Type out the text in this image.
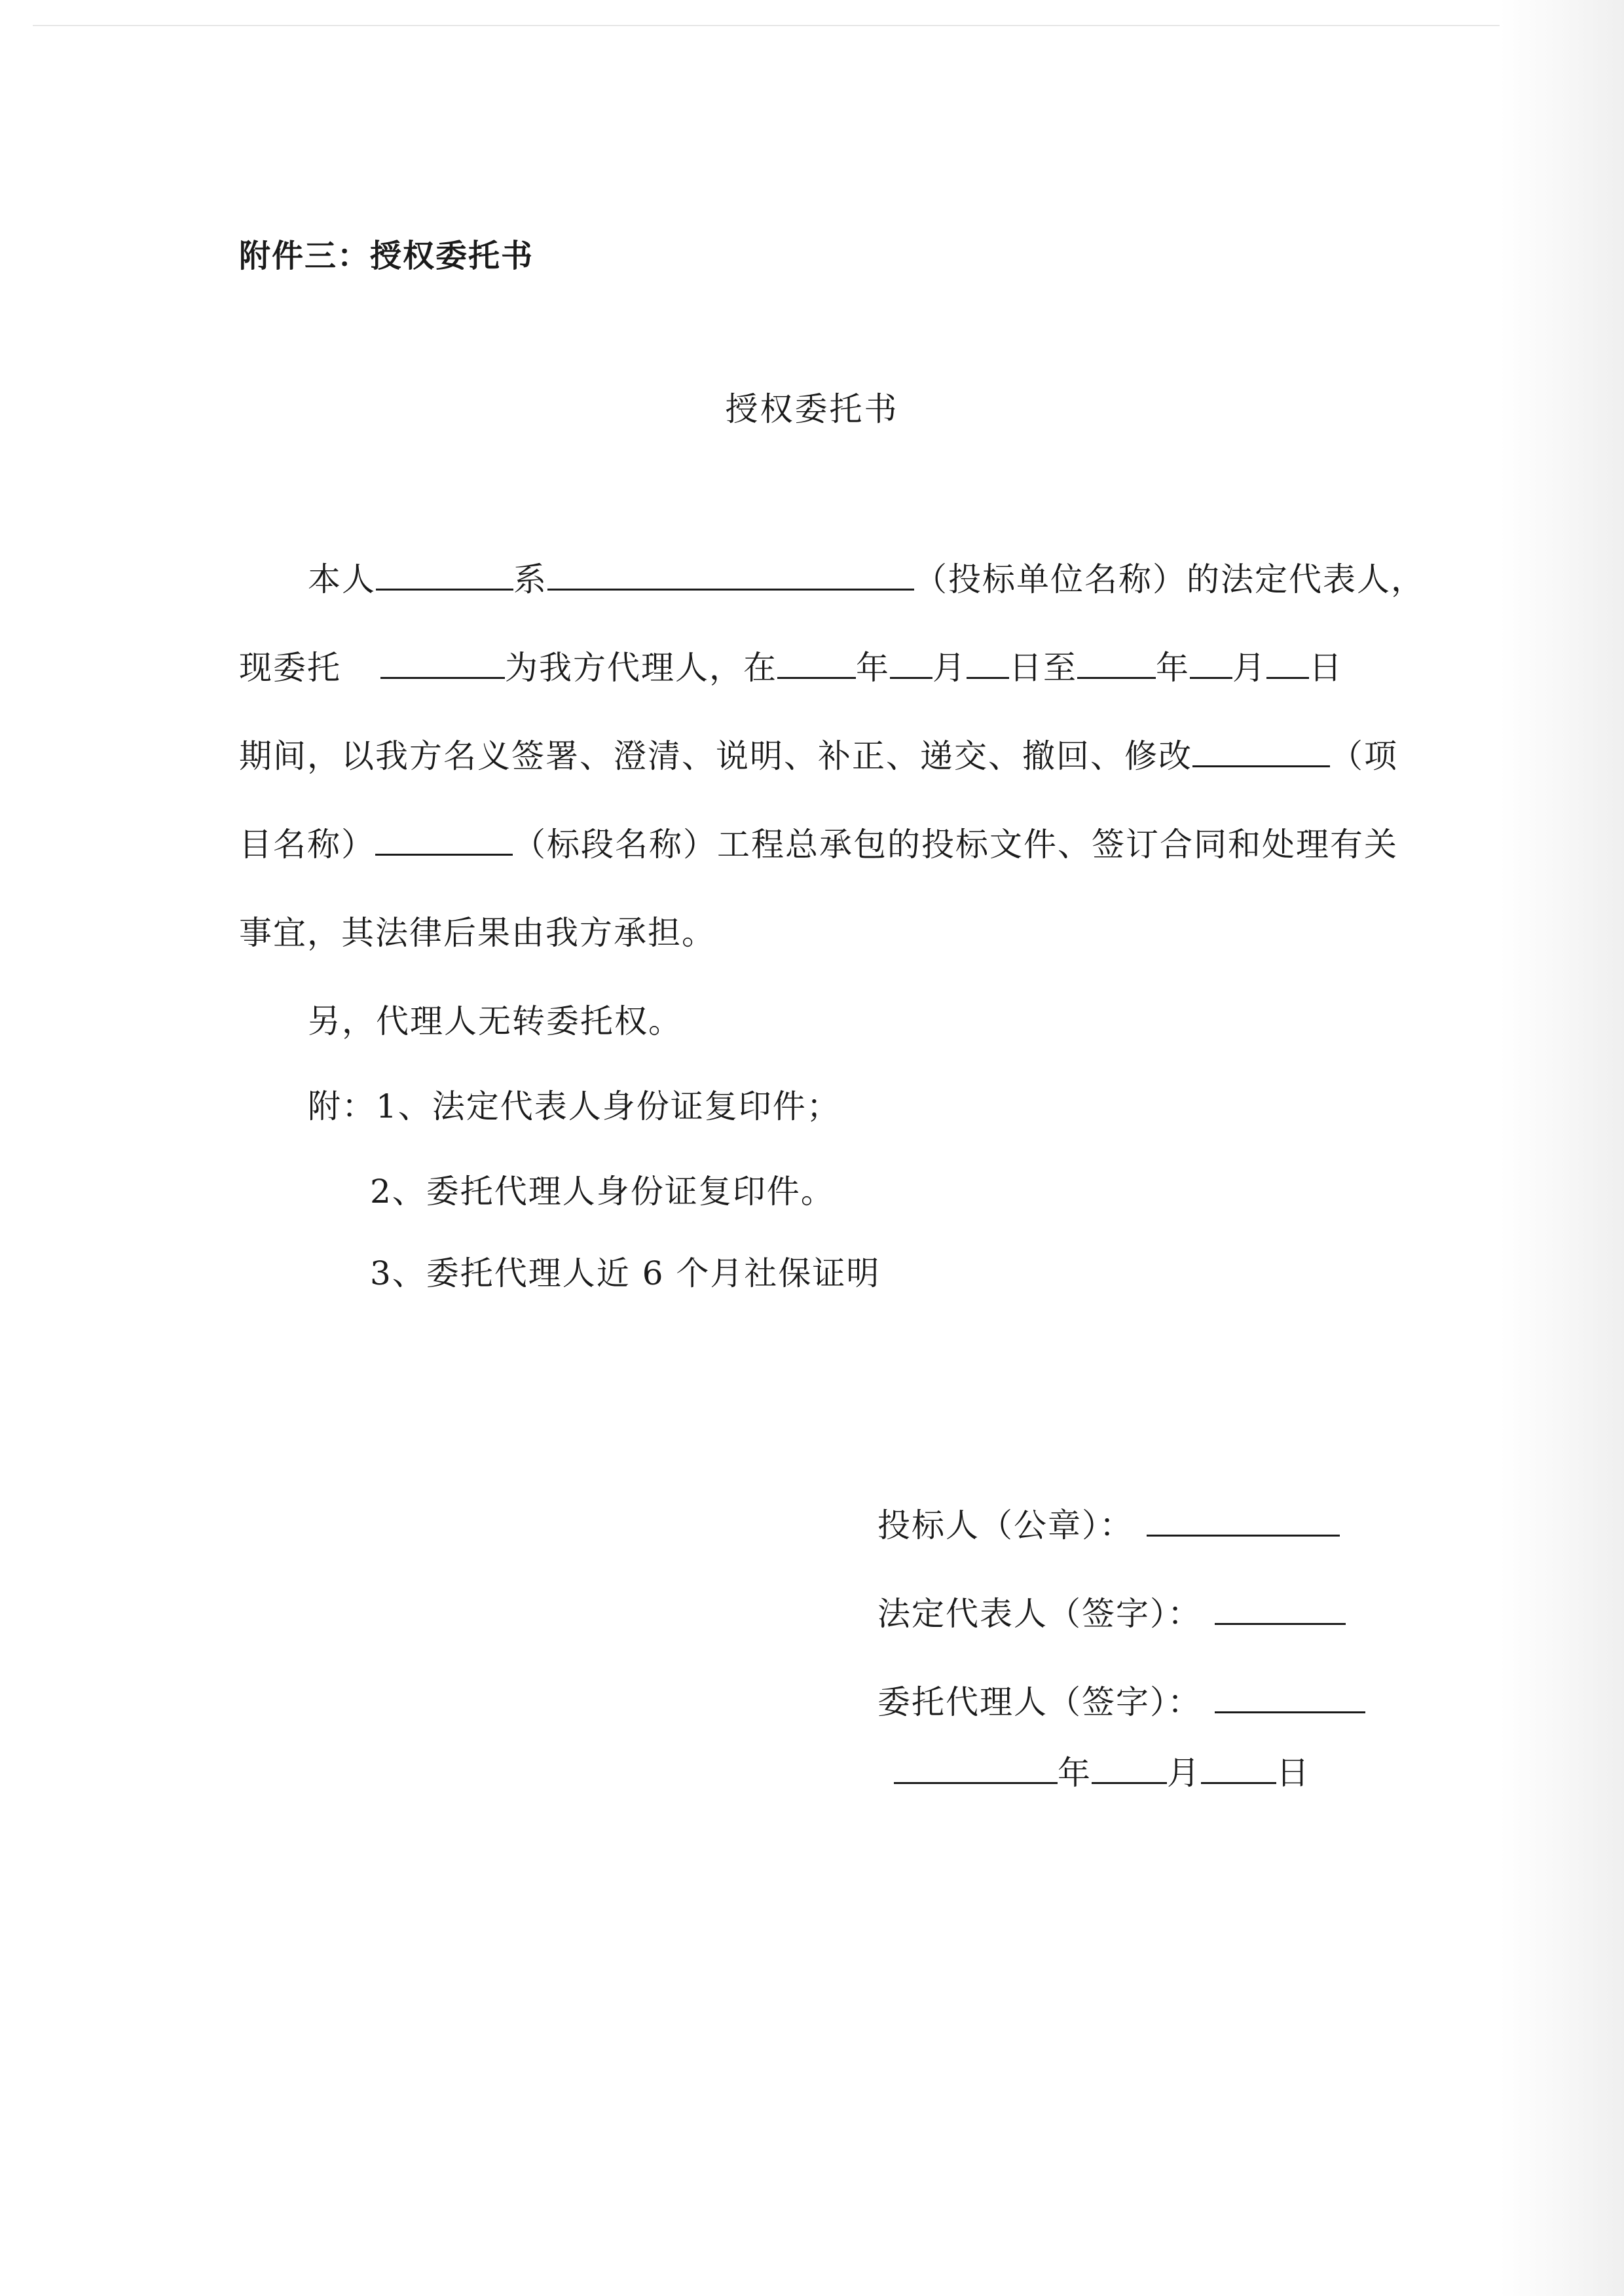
附件三：授权委托书
授权委托书
本人	系	（投标单位名称）的法定代表人，
现委托	为我方代理人，在 年 月 日至 年 月 日
期间，以我方名义签署、澄清、说明、补正、递交、撤回、修改	（项
目名称）	（标段名称）工程总承包的投标文件、签订合同和处理有关
事宜，其法律后果由我方承担。
另，代理人无转委托权。
附：1、法定代表人身份证复印件；
2、委托代理人身份证复印件。
3、委托代理人近 6 个月社保证明
投标人（公章）：
法定代表人（签字）：
委托代理人（签字）：
年 月 日
